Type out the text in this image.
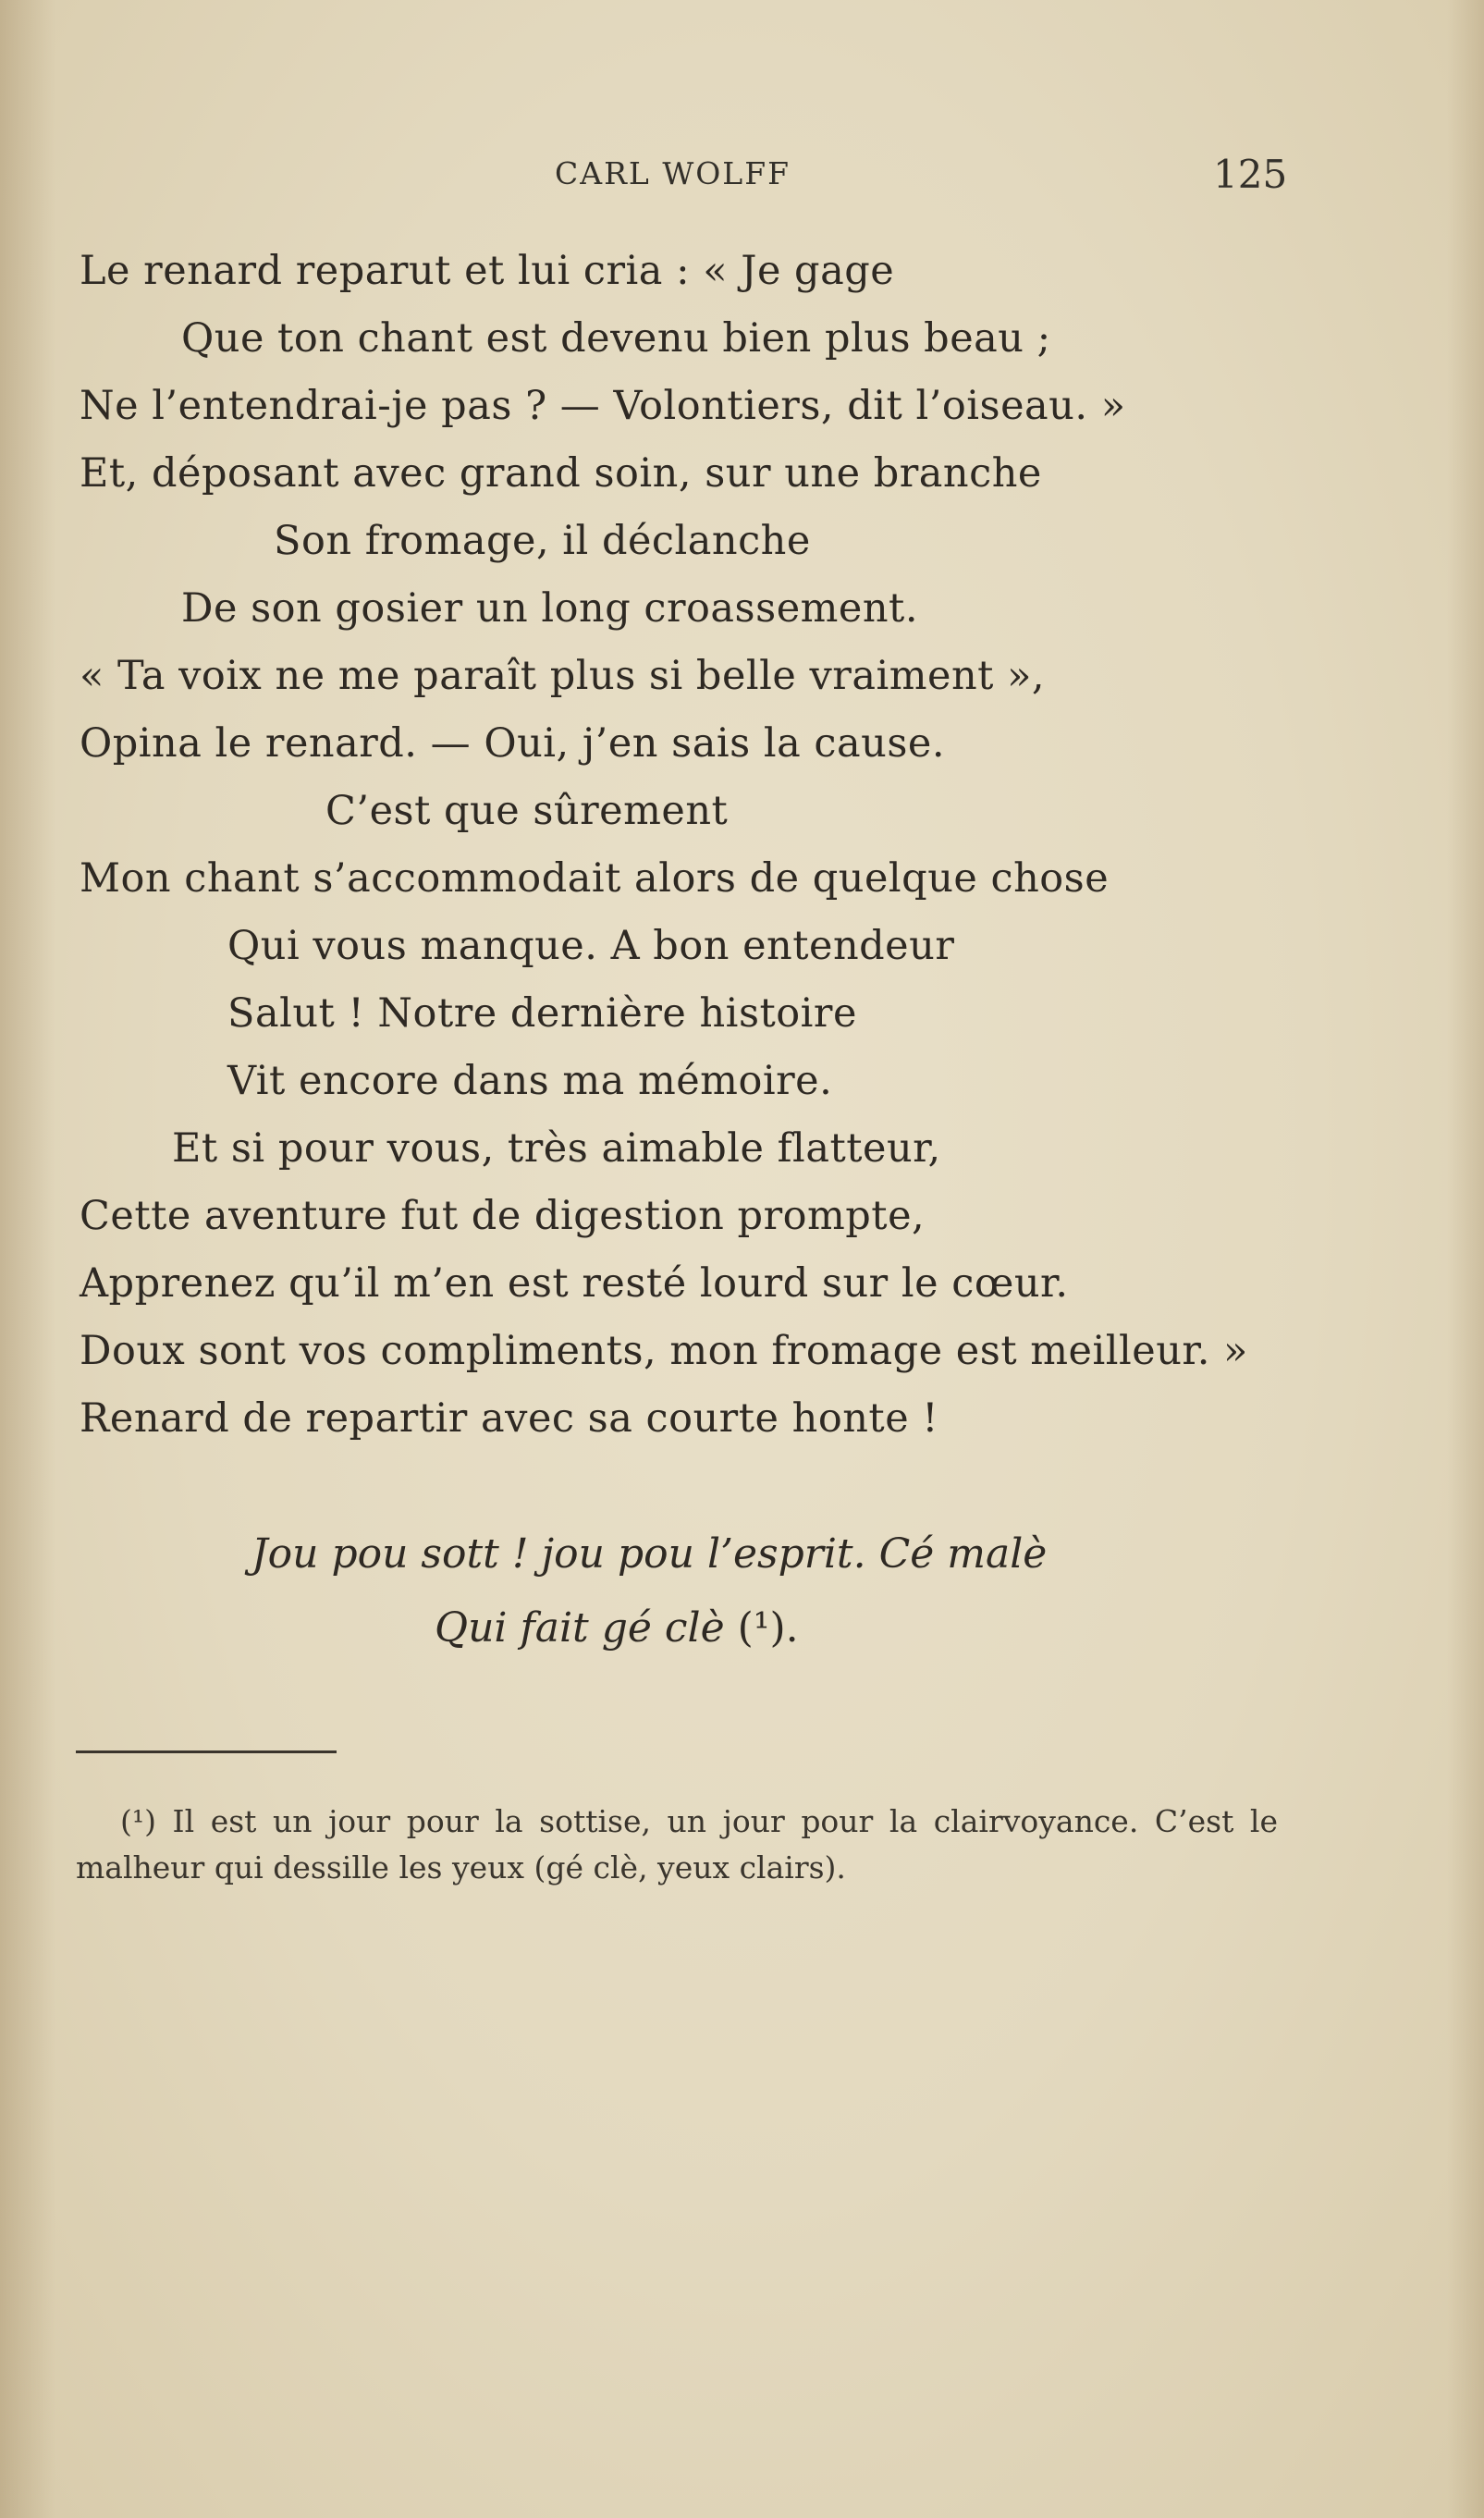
CARL WOLFF	125
Le renard reparut et lui cria : « Je gage
Que ton chant est devenu bien plus beau ;
Ne l’entendrai-je pas ? — Volontiers, dit l’oiseau. »
Et, déposant avec grand soin, sur une branche
Son fromage, il déclanche
De son gosier un long croassement.
« Ta voix ne me paraît plus si belle vraiment »,
Opina le renard. — Oui, j’en sais la cause.
C’est que sûrement
Mon chant s’accommodait alors de quelque chose
Qui vous manque. A bon entendeur
Salut ! Notre dernière histoire
Vit encore dans ma mémoire.
Et si pour vous, très aimable flatteur,
Cette aventure fut de digestion prompte,
Apprenez qu’il m’en est resté lourd sur le cœur.
Doux sont vos compliments, mon fromage est meilleur. »
Renard de repartir avec sa courte honte !
Jou pou sott ! jou pou l’esprit. Cé malè
Qui fait gé clè (¹).
(¹) Il est un jour pour la sottise, un jour pour la clairvoyance. C’est le malheur qui dessille les yeux (gé clè, yeux clairs).
